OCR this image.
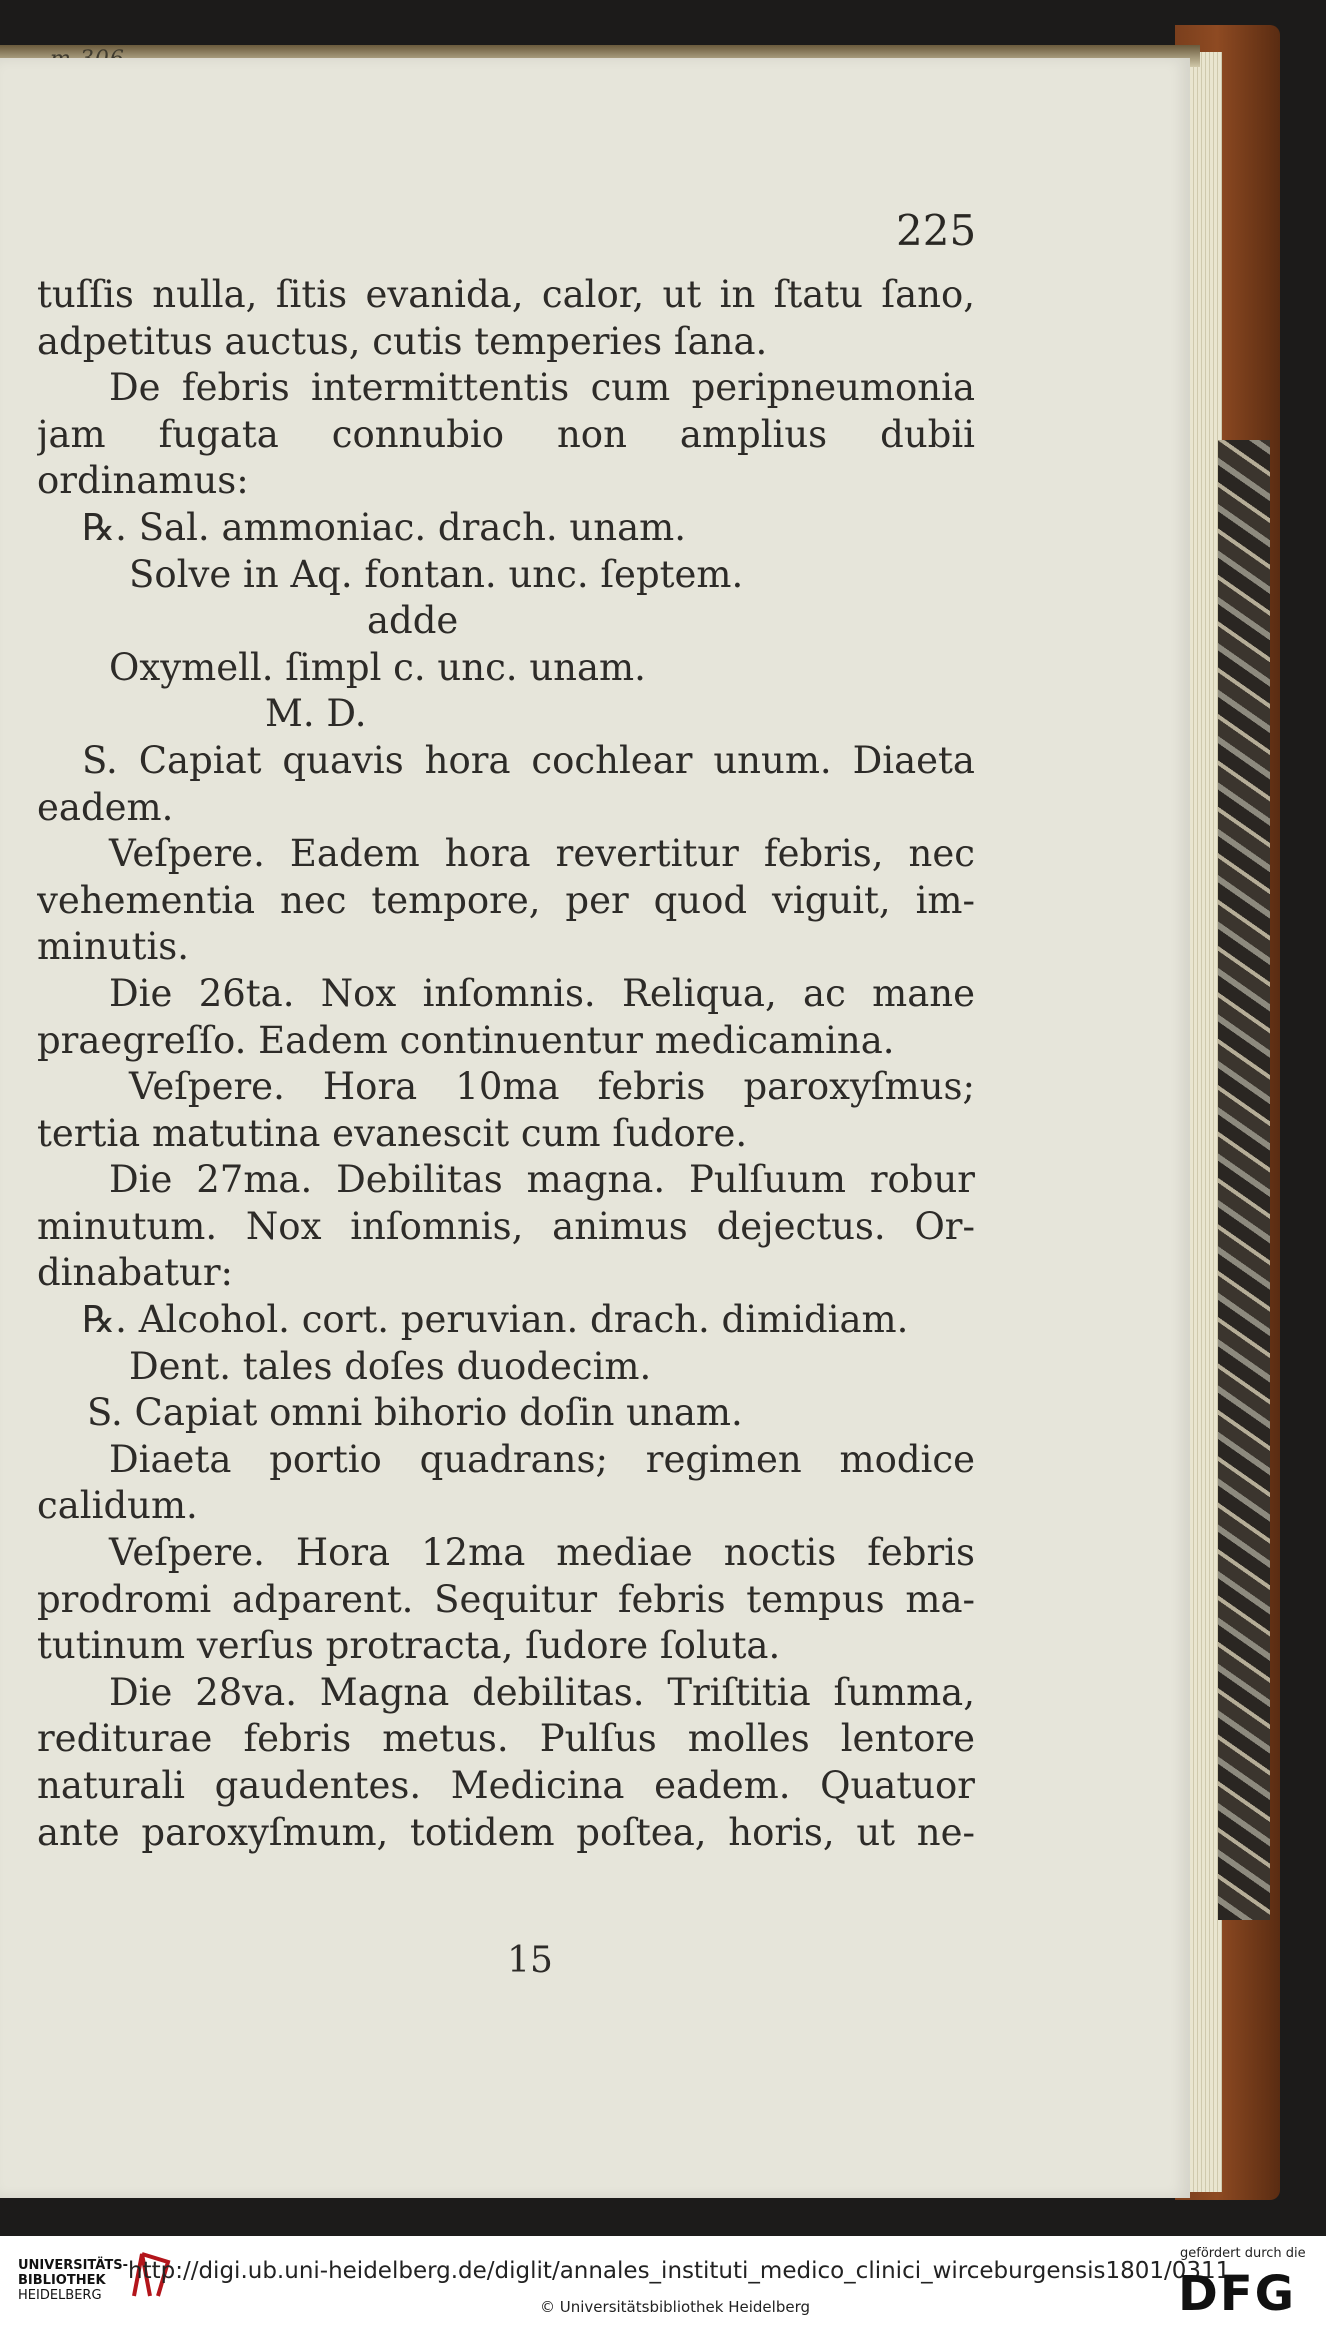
225
tuſſis nulla, ſitis evanida, calor, ut in ſtatu ſano,
adpetitus auctus, cutis temperies ſana.
De febris intermittentis cum peripneumonia
jam fugata connubio non amplius dubii
ordinamus:
℞. Sal. ammoniac. drach. unam.
Solve in Aq. fontan. unc. ſeptem.
adde
Oxymell. ſimpl c. unc. unam.
M. D.
S. Capiat quavis hora cochlear unum. Diaeta
eadem.
Veſpere. Eadem hora revertitur febris, nec
vehementia nec tempore, per quod viguit, im-
minutis.
Die 26ta. Nox inſomnis. Reliqua, ac mane
praegreſſo. Eadem continuentur medicamina.
Veſpere. Hora 10ma febris paroxyſmus;
tertia matutina evanescit cum ſudore.
Die 27ma. Debilitas magna. Pulſuum robur
minutum. Nox inſomnis, animus dejectus. Or-
dinabatur:
℞. Alcohol. cort. peruvian. drach. dimidiam.
Dent. tales doſes duodecim.
S. Capiat omni bihorio doſin unam.
Diaeta portio quadrans; regimen modice
calidum.
Veſpere. Hora 12ma mediae noctis febris
prodromi adparent. Sequitur febris tempus ma-
tutinum verſus protracta, ſudore ſoluta.
Die 28va. Magna debilitas. Triſtitia ſumma,
rediturae febris metus. Pulſus molles lentore
naturali gaudentes. Medicina eadem. Quatuor
ante paroxyſmum, totidem poſtea, horis, ut ne-
15
UNIVERSITÄTS-
BIBLIOTHEK
HEIDELBERG
http://digi.ub.uni-heidelberg.de/diglit/annales_instituti_medico_clinici_wirceburgensis1801/0311
© Universitätsbibliothek Heidelberg
gefördert durch die
DFG
